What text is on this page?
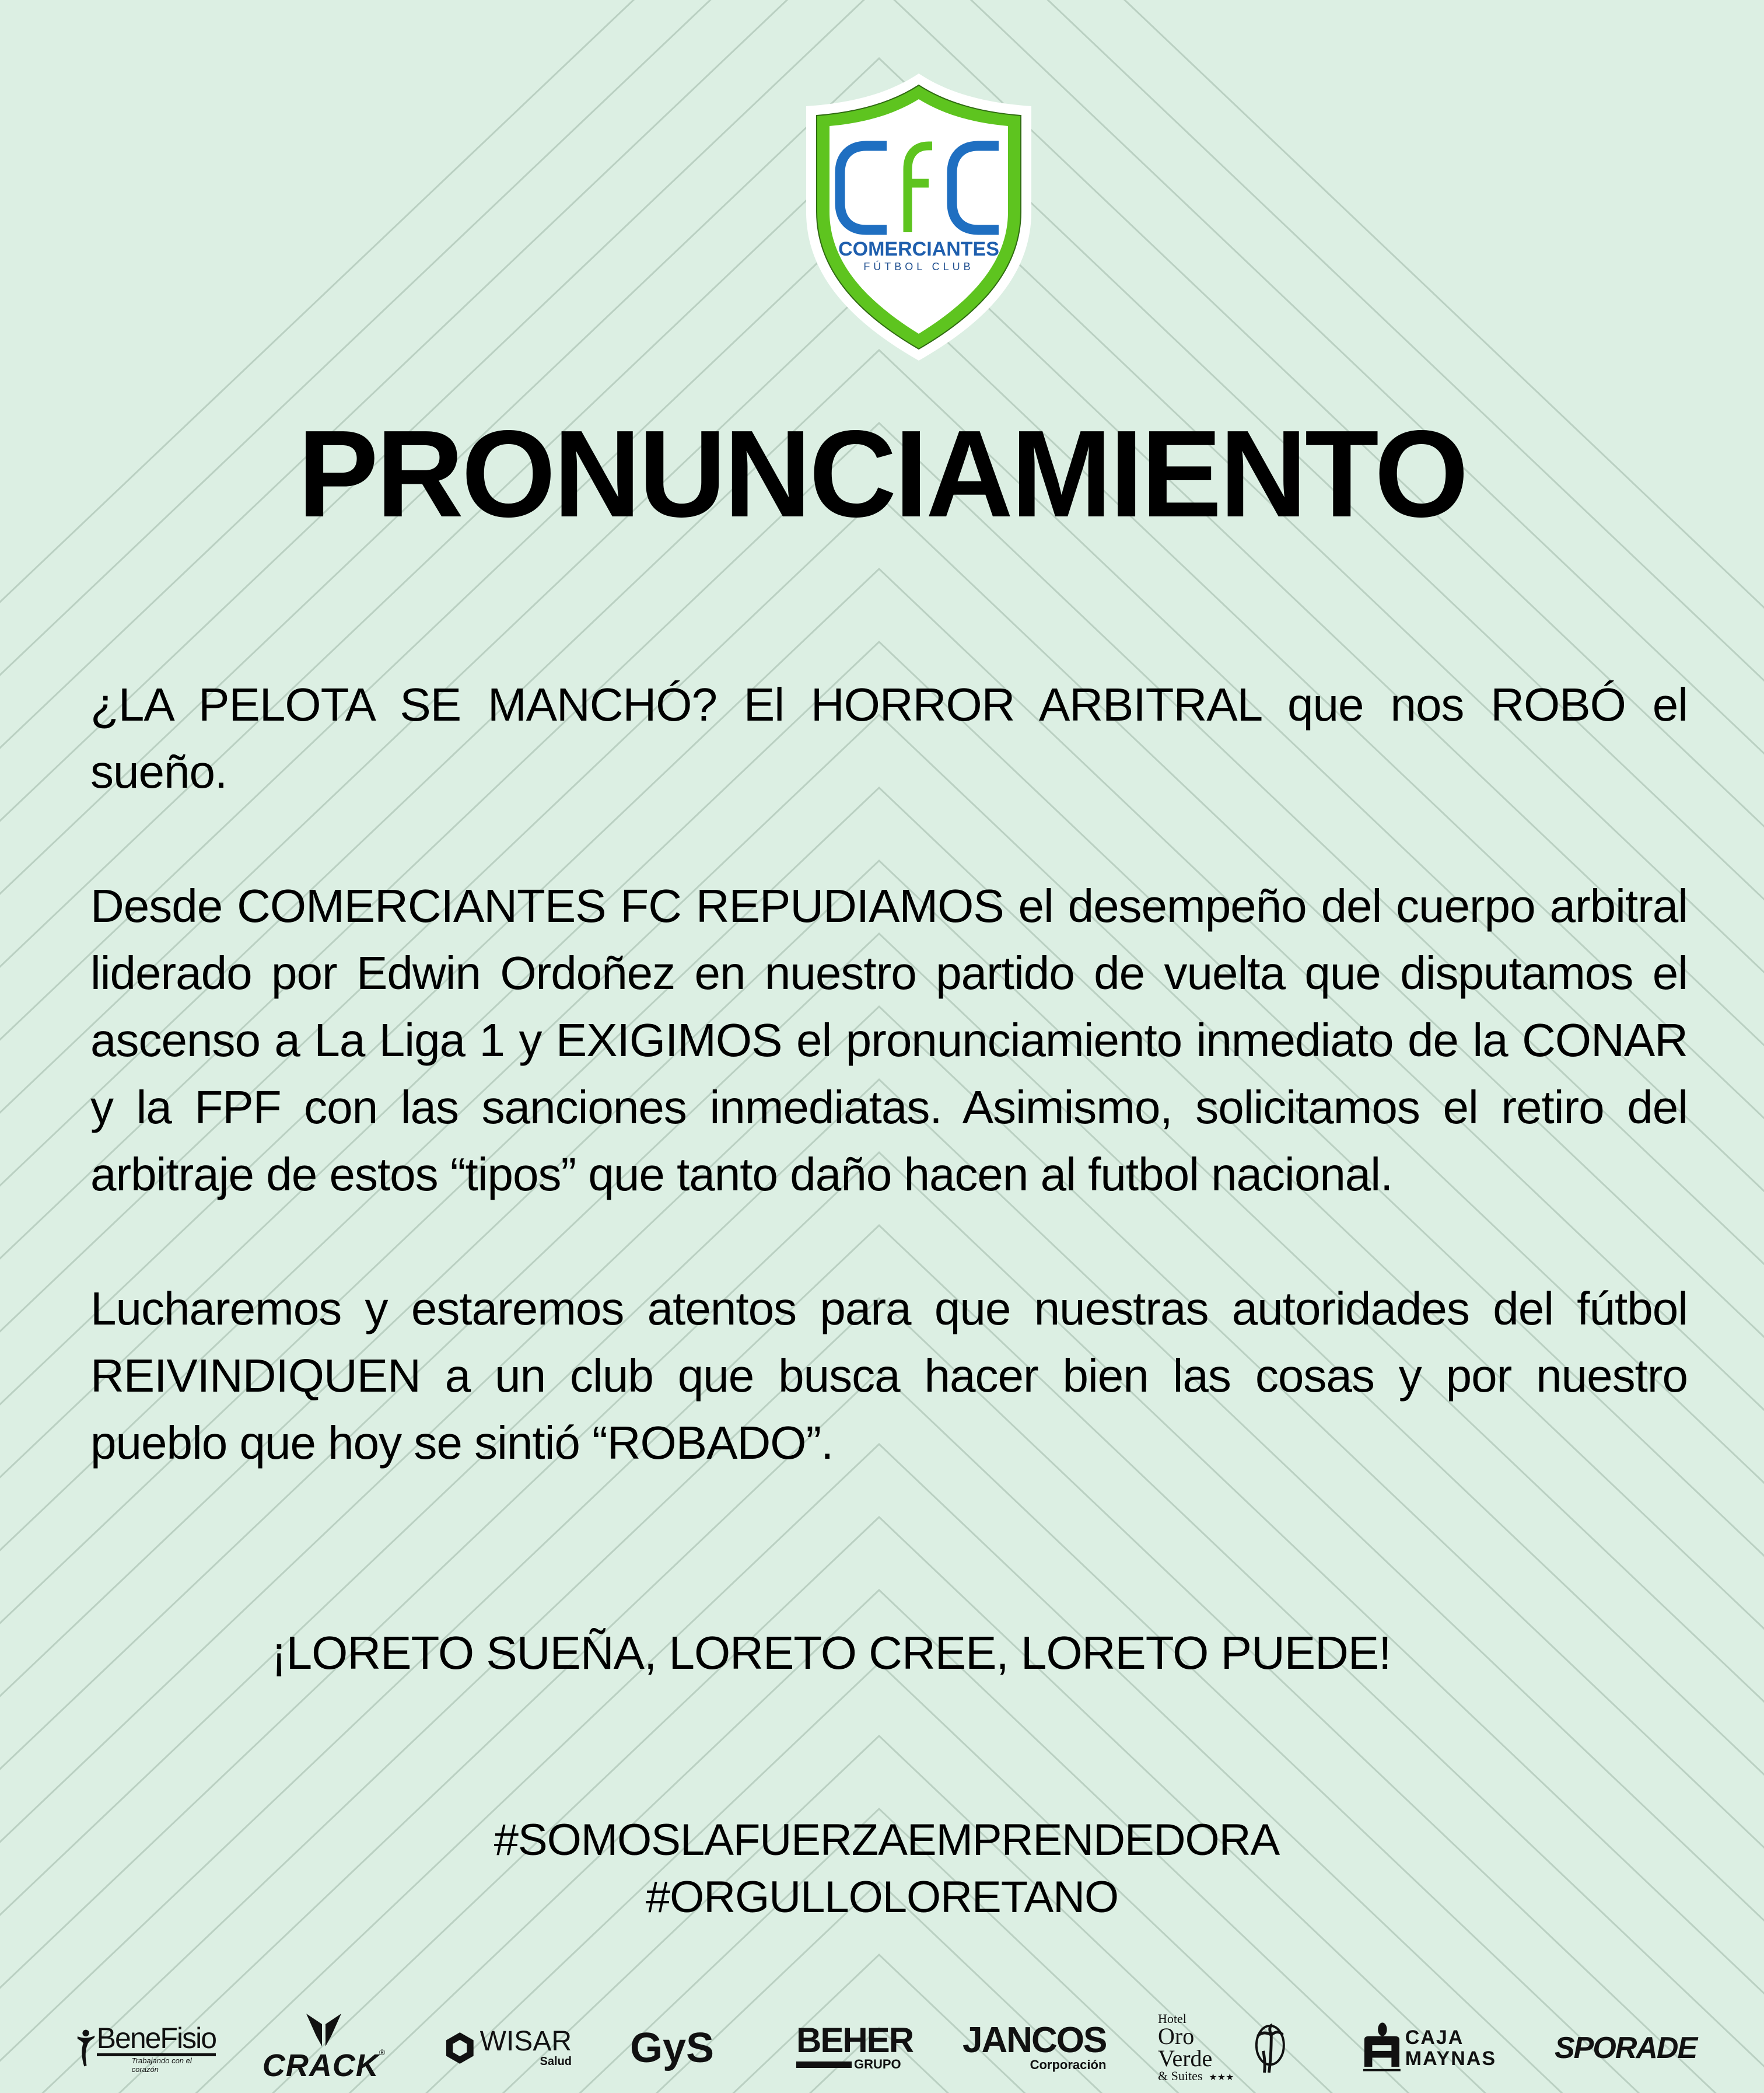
COMERCIANTES
FÚTBOL CLUB
PRONUNCIAMIENTO

¿LA PELOTA SE MANCHÓ? El HORROR ARBITRAL que nos ROBÓ el sueño.

Desde COMERCIANTES FC REPUDIAMOS el desempeño del cuerpo arbitral liderado por Edwin Ordoñez en nuestro partido de vuelta que disputamos el ascenso a La Liga 1 y EXIGIMOS el pronunciamiento inmediato de la CONAR y la FPF con las sanciones inmediatas. Asimismo, solicitamos el retiro del arbitraje de estos “tipos” que tanto daño hacen al futbol nacional.

Lucharemos y estaremos atentos para que nuestras autoridades del fútbol REIVINDIQUEN a un club que busca hacer bien las cosas y por nuestro pueblo que hoy se sintió “ROBADO”.

¡LORETO SUEÑA, LORETO CREE, LORETO PUEDE!
#SOMOSLAFUERZAEMPRENDEDORA
#ORGULLOLORETANO
BeneFisio
Trabajando con el corazón	CRACK ®	WISAR
Salud GyS BEHER
GRUPO
JANCOS
Corporación
Hotel
Oro Verde
& Suites ★★★
CAJA
MAYNAS SPORADE
